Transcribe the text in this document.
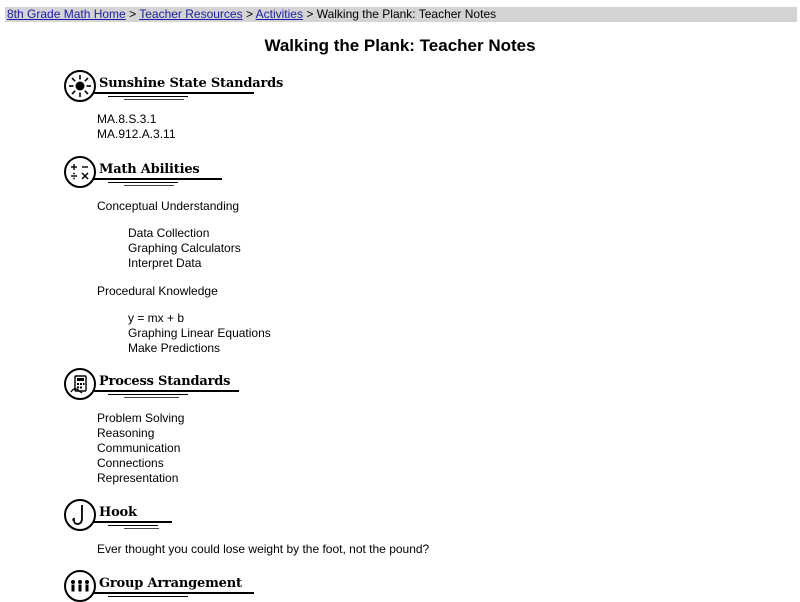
8th Grade Math Home > Teacher Resources > Activities > Walking the Plank: Teacher Notes
Walking the Plank: Teacher Notes
Sunshine State Standards
MA.8.S.3.1
MA.912.A.3.11
Math Abilities
Conceptual Understanding
Data Collection
Graphing Calculators
Interpret Data
Procedural Knowledge
y = mx + b
Graphing Linear Equations
Make Predictions
Process Standards
Problem Solving
Reasoning
Communication
Connections
Representation
Hook
Ever thought you could lose weight by the foot, not the pound?
Group Arrangement
